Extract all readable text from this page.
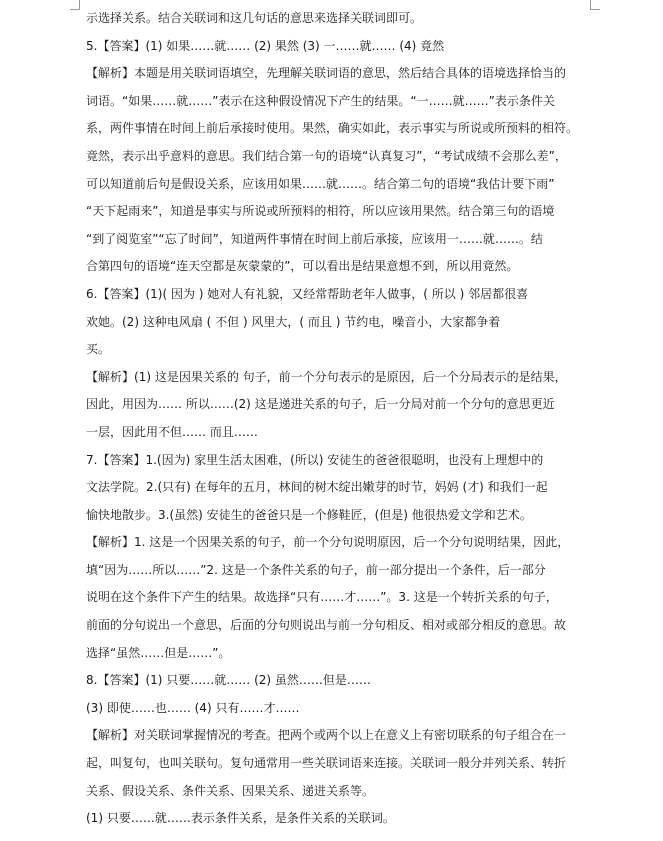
示选择关系。结合关联词和这几句话的意思来选择关联词即可。
5.【答案】(1) 如果……就…… (2) 果然 (3) 一……就…… (4) 竟然
【解析】本题是用关联词语填空，先理解关联词语的意思，然后结合具体的语境选择恰当的
词语。“如果……就……”表示在这种假设情况下产生的结果。“一……就……”表示条件关
系，两件事情在时间上前后承接时使用。果然，确实如此，表示事实与所说或所预料的相符。
竟然，表示出乎意料的意思。我们结合第一句的语境“认真复习”，“考试成绩不会那么差”，
可以知道前后句是假设关系，应该用如果……就……。结合第二句的语境“我估计要下雨”
“天下起雨来”，知道是事实与所说或所预料的相符，所以应该用果然。结合第三句的语境
“到了阅览室”“忘了时间”，知道两件事情在时间上前后承接，应该用一……就……。结
合第四句的语境“连天空都是灰蒙蒙的”，可以看出是结果意想不到，所以用竟然。
6.【答案】(1)( 因为 ) 她对人有礼貌，又经常帮助老年人做事，( 所以 ) 邻居都很喜
欢她。(2) 这种电风扇 ( 不但 ) 风里大，( 而且 ) 节约电，噪音小，大家都争着
买。
【解析】(1) 这是因果关系的 句子，前一个分句表示的是原因，后一个分局表示的是结果，
因此，用因为…… 所以……(2) 这是递进关系的句子，后一分局对前一个分句的意思更近
一层，因此用不但…… 而且……
7.【答案】1.(因为) 家里生活太困难，(所以) 安徒生的爸爸很聪明，也没有上理想中的
文法学院。2.(只有) 在每年的五月，林间的树木绽出嫩芽的时节，妈妈 (才) 和我们一起
愉快地散步。3.(虽然) 安徒生的爸爸只是一个修鞋匠，(但是) 他很热爱文学和艺术。
【解析】1. 这是一个因果关系的句子，前一个分句说明原因，后一个分句说明结果，因此，
填“因为……所以……”2. 这是一个条件关系的句子，前一部分提出一个条件，后一部分
说明在这个条件下产生的结果。故选择“只有……才……”。3. 这是一个转折关系的句子，
前面的分句说出一个意思，后面的分句则说出与前一分句相反、相对或部分相反的意思。故
选择“虽然……但是……”。
8.【答案】(1) 只要……就…… (2) 虽然……但是……
(3) 即使……也…… (4) 只有……才……
【解析】对关联词掌握情况的考查。把两个或两个以上在意义上有密切联系的句子组合在一
起，叫复句，也叫关联句。复句通常用一些关联词语来连接。关联词一般分并列关系、转折
关系、假设关系、条件关系、因果关系、递进关系等。
(1) 只要……就……表示条件关系，是条件关系的关联词。
